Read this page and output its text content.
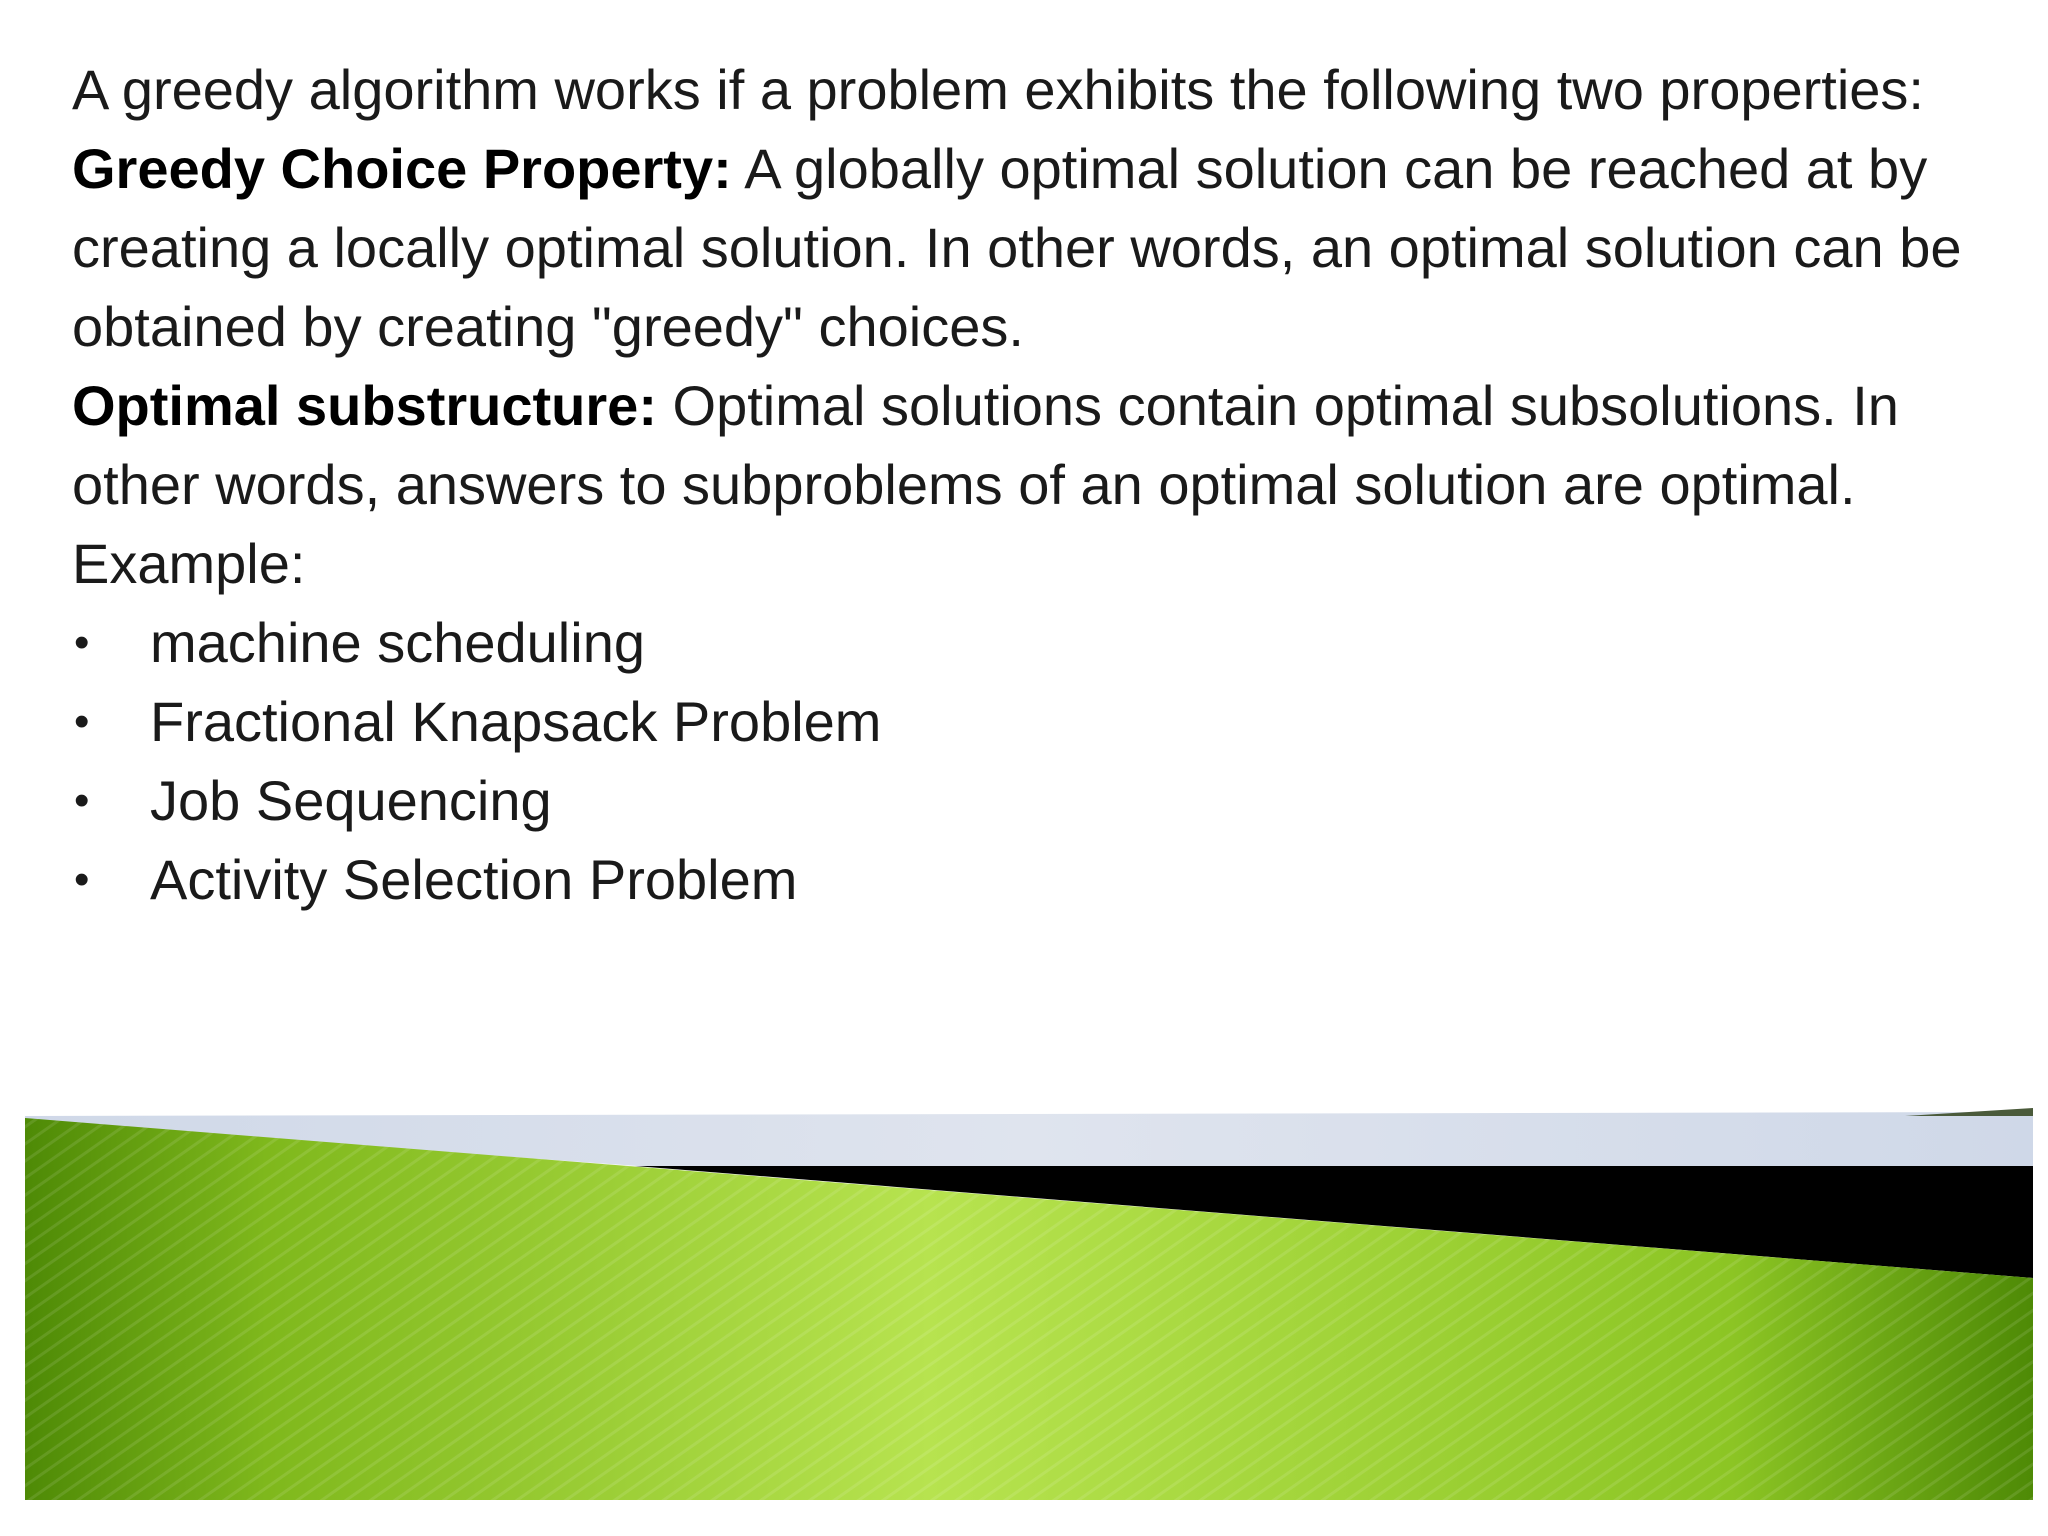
A greedy algorithm works if a problem exhibits the following two properties:

Greedy Choice Property: A globally optimal solution can be reached at by creating a locally optimal solution. In other words, an optimal solution can be obtained by creating "greedy" choices.

Optimal substructure: Optimal solutions contain optimal subsolutions. In other words, answers to subproblems of an optimal solution are optimal.

Example:

• machine scheduling
• Fractional Knapsack Problem
• Job Sequencing
• Activity Selection Problem
